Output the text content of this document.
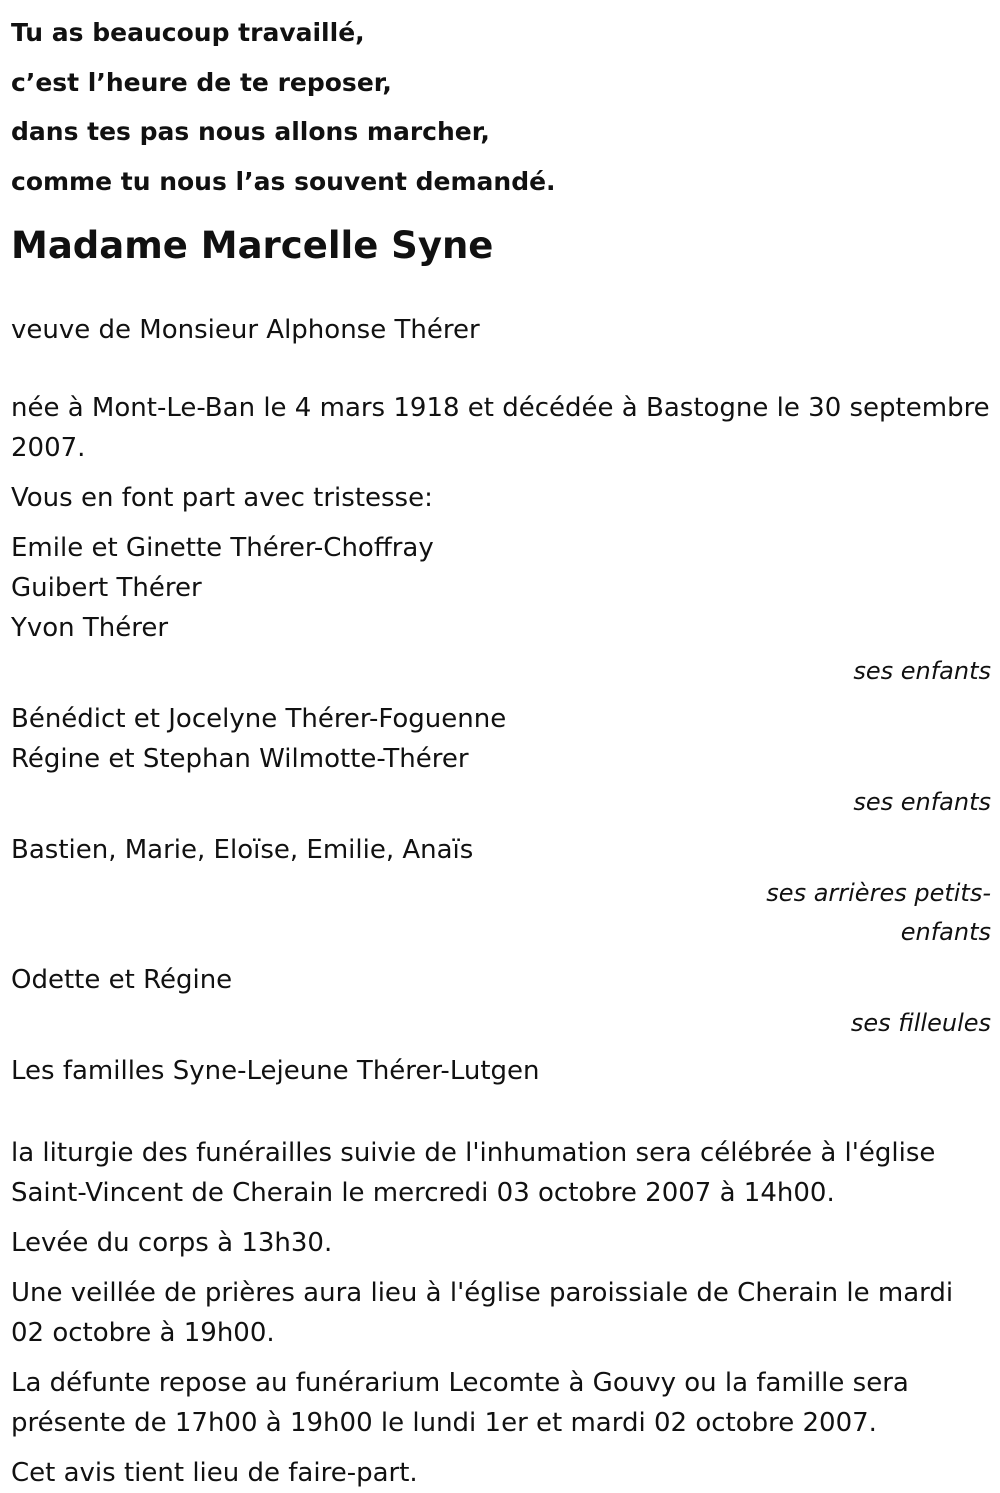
Tu as beaucoup travaillé,
c’est l’heure de te reposer,
dans tes pas nous allons marcher,
comme tu nous l’as souvent demandé.
Madame Marcelle Syne
veuve de Monsieur Alphonse Thérer
née à Mont-Le-Ban le 4 mars 1918 et décédée à Bastogne le 30 septembre 2007.
Vous en font part avec tristesse:
Emile et Ginette Thérer-Choffray
Guibert Thérer
Yvon Thérer
ses enfants
Bénédict et Jocelyne Thérer-Foguenne
Régine et Stephan Wilmotte-Thérer
ses enfants
Bastien, Marie, Eloïse, Emilie, Anaïs
ses arrières petits-enfants
Odette et Régine
ses filleules
Les familles Syne-Lejeune Thérer-Lutgen
la liturgie des funérailles suivie de l'inhumation sera célébrée à l'église Saint-Vincent de Cherain le mercredi 03 octobre 2007 à 14h00.
Levée du corps à 13h30.
Une veillée de prières aura lieu à l'église paroissiale de Cherain le mardi 02 octobre à 19h00.
La défunte repose au funérarium Lecomte à Gouvy ou la famille sera présente de 17h00 à 19h00 le lundi 1er et mardi 02 octobre 2007.
Cet avis tient lieu de faire-part.
